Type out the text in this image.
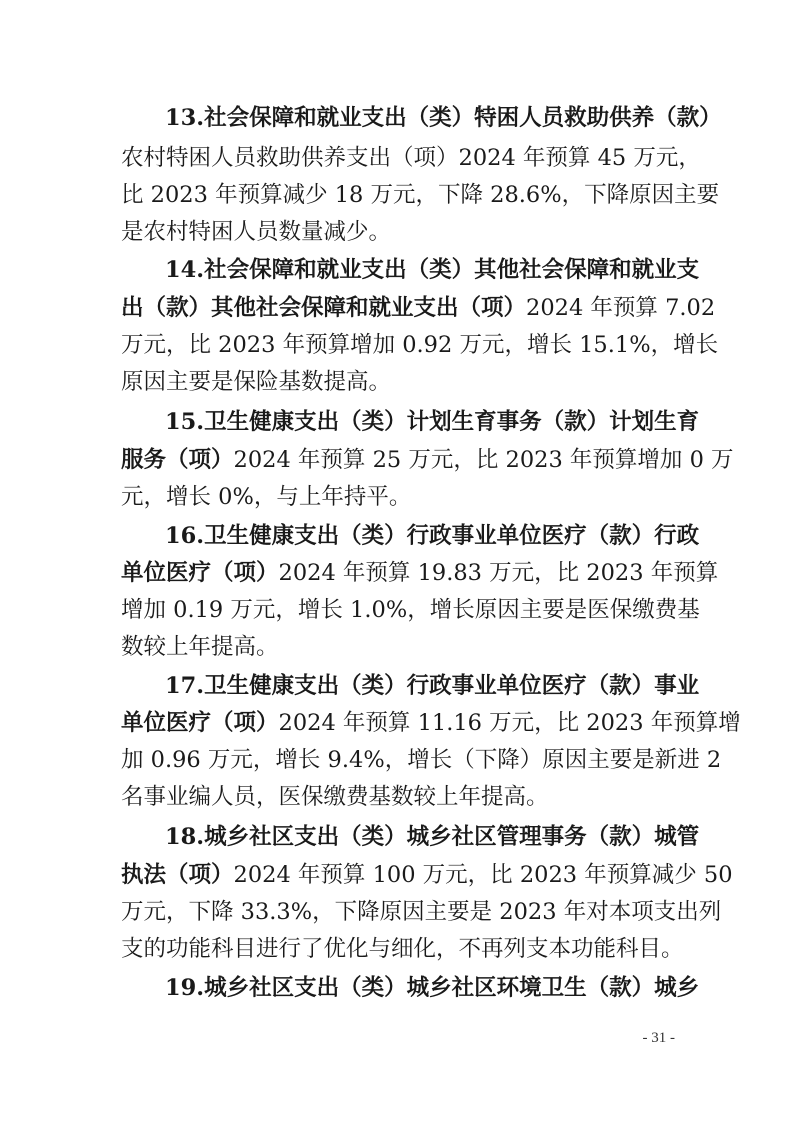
13.社会保障和就业支出（类）特困人员救助供养（款）
农村特困人员救助供养支出（项）2024 年预算 45 万元，
比 2023 年预算减少 18 万元，下降 28.6%，下降原因主要
是农村特困人员数量减少。
14.社会保障和就业支出（类）其他社会保障和就业支
出（款）其他社会保障和就业支出（项）2024 年预算 7.02
万元，比 2023 年预算增加 0.92 万元，增长 15.1%，增长
原因主要是保险基数提高。
15.卫生健康支出（类）计划生育事务（款）计划生育
服务（项）2024 年预算 25 万元，比 2023 年预算增加 0 万
元，增长 0%，与上年持平。
16.卫生健康支出（类）行政事业单位医疗（款）行政
单位医疗（项）2024 年预算 19.83 万元，比 2023 年预算
增加 0.19 万元，增长 1.0%，增长原因主要是医保缴费基
数较上年提高。
17.卫生健康支出（类）行政事业单位医疗（款）事业
单位医疗（项）2024 年预算 11.16 万元，比 2023 年预算增
加 0.96 万元，增长 9.4%，增长（下降）原因主要是新进 2
名事业编人员，医保缴费基数较上年提高。
18.城乡社区支出（类）城乡社区管理事务（款）城管
执法（项）2024 年预算 100 万元，比 2023 年预算减少 50
万元，下降 33.3%，下降原因主要是 2023 年对本项支出列
支的功能科目进行了优化与细化，不再列支本功能科目。
19.城乡社区支出（类）城乡社区环境卫生（款）城乡
- 31 -
